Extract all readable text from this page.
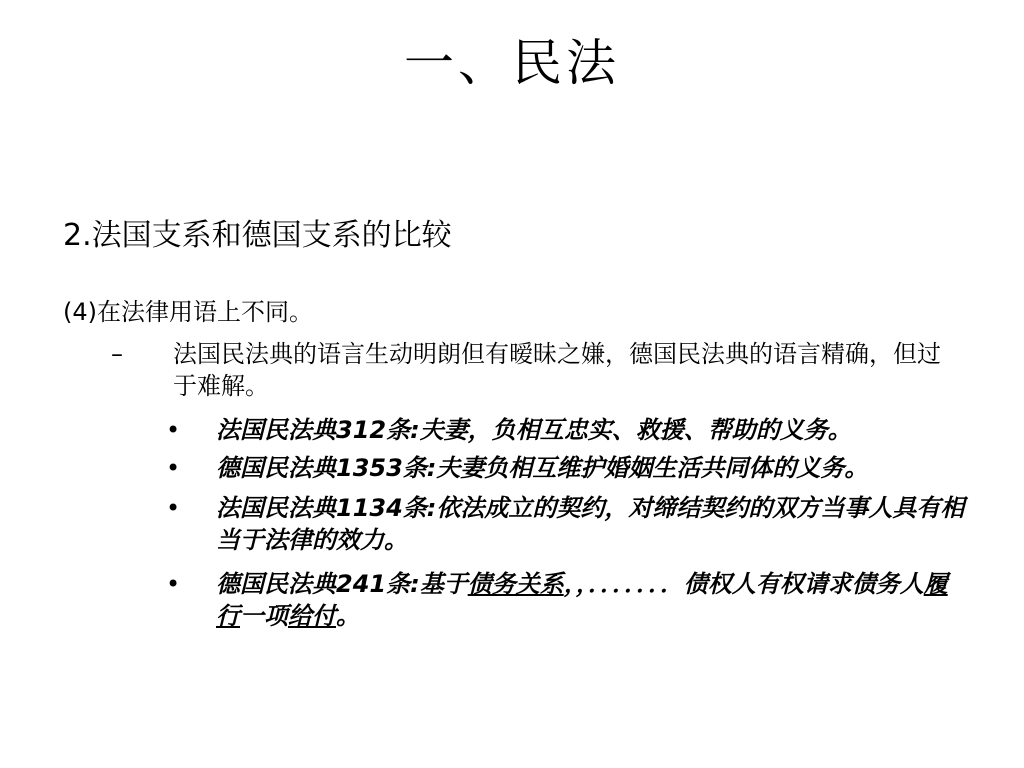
一、民法
2.法国支系和德国支系的比较
(4)在法律用语上不同。
– 法国民法典的语言生动明朗但有暧昧之嫌，德国民法典的语言精确，但过于难解。
• 法国民法典312条:夫妻，负相互忠实、救援、帮助的义务。
• 德国民法典1353条:夫妻负相互维护婚姻生活共同体的义务。
• 法国民法典1134条:依法成立的契约，对缔结契约的双方当事人具有相当于法律的效力。
• 德国民法典241条:基于债务关系，，．．．．．．．债权人有权请求债务人履行一项给付。
